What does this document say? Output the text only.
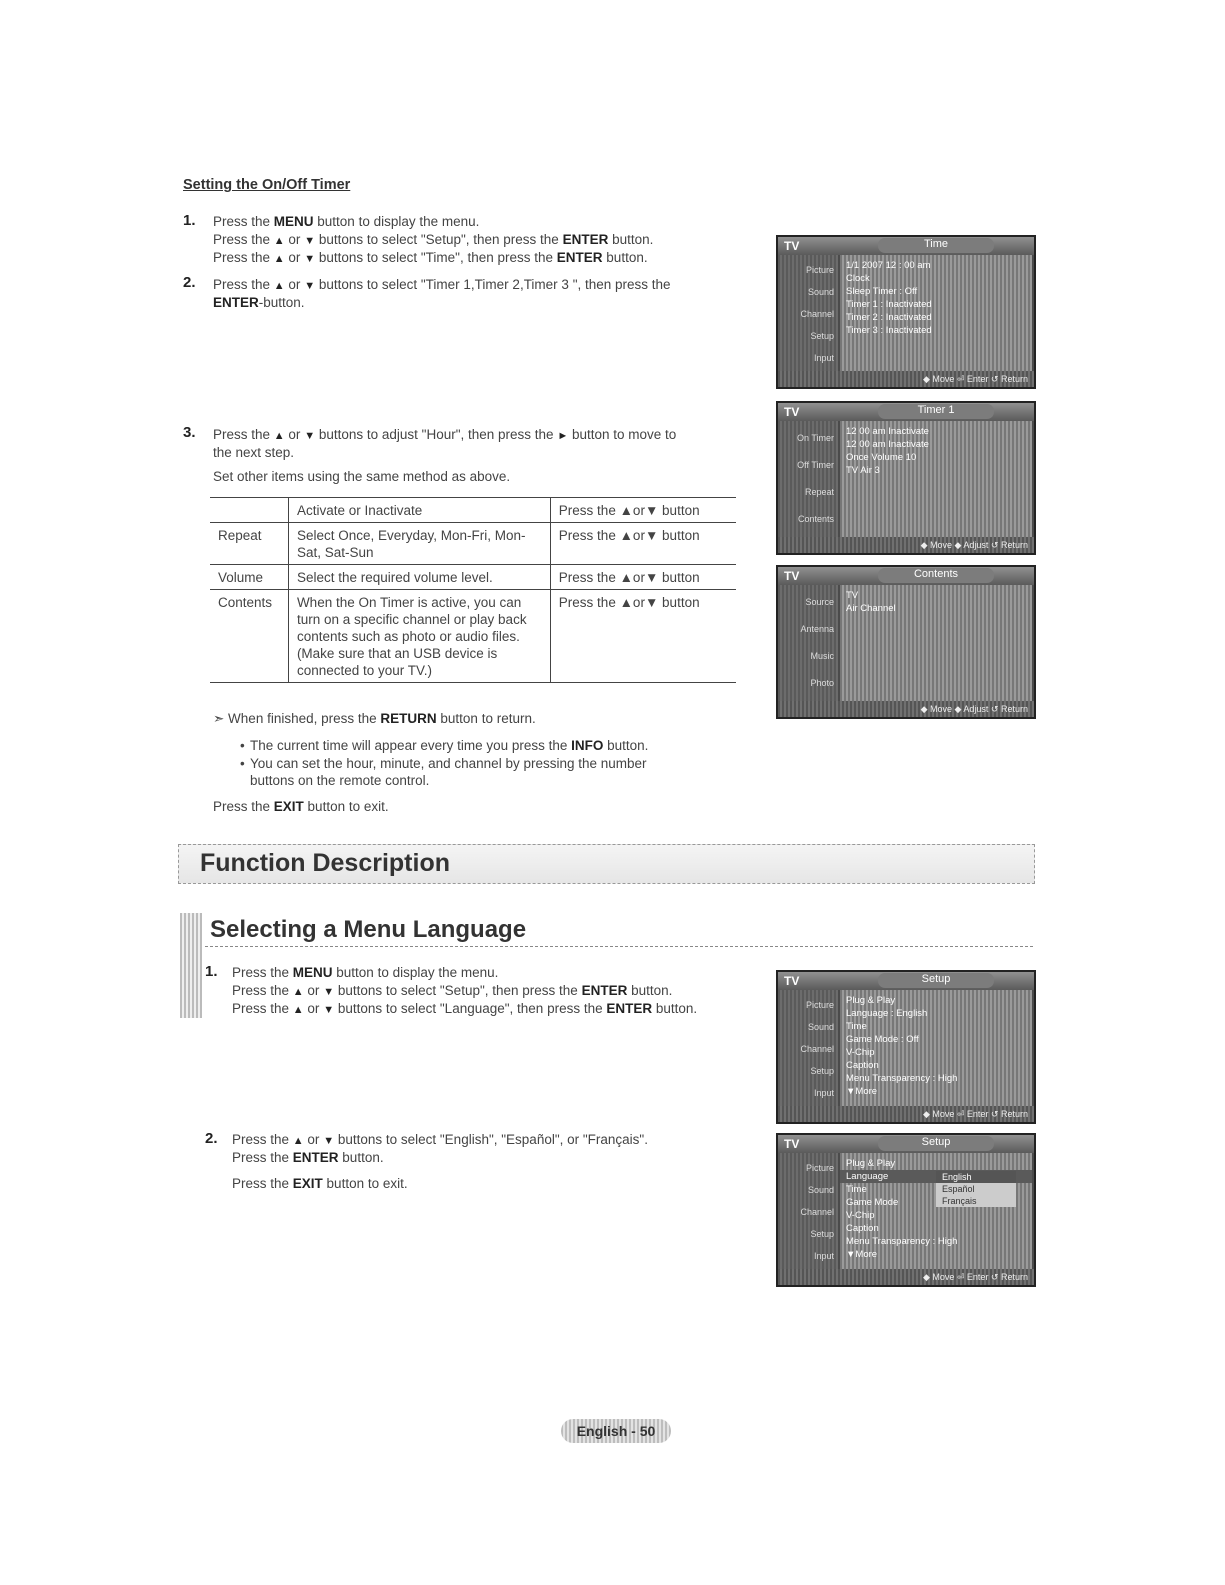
Setting the On/Off Timer
1. Press the MENU button to display the menu.
Press the ▲ or ▼ buttons to select "Setup", then press the ENTER button.
Press the ▲ or ▼ buttons to select "Time", then press the ENTER button.
2. Press the ▲ or ▼ buttons to select "Timer 1,Timer 2,Timer 3 ", then press the
ENTER-button.
3. Press the ▲ or ▼ buttons to adjust "Hour", then press the ► button to move to
the next step.
Set other items using the same method as above.
	Activate or Inactivate	Press the ▲or▼ button
Repeat	Select Once, Everyday, Mon-Fri, Mon-Sat, Sat-Sun	Press the ▲or▼ button
Volume	Select the required volume level.	Press the ▲or▼ button
Contents	When the On Timer is active, you can turn on a specific channel or play back contents such as photo or audio files. (Make sure that an USB device is connected to your TV.)	Press the ▲or▼ button
➣ When finished, press the RETURN button to return.
• The current time will appear every time you press the INFO button.
• You can set the hour, minute, and channel by pressing the number
buttons on the remote control.
Press the EXIT button to exit.
Function Description
Selecting a Menu Language
1. Press the MENU button to display the menu.
Press the ▲ or ▼ buttons to select "Setup", then press the ENTER button.
Press the ▲ or ▼ buttons to select "Language", then press the ENTER button.
2. Press the ▲ or ▼ buttons to select "English", "Español", or "Français".
Press the ENTER button.
Press the EXIT button to exit.
TV	Time
Picture
Sound
Channel
Setup
Input
1/1 2007 12 : 00 am
Clock
Sleep Timer : Off
Timer 1 : Inactivated
Timer 2 : Inactivated
Timer 3 : Inactivated
◆ Move ⏎ Enter ↺ Return
TV	Timer 1
On Timer
Off Timer
Repeat
Contents
12 00 am Inactivate
12 00 am Inactivate
Once Volume 10
TV Air 3
◆ Move ◆ Adjust ↺ Return
TV	Contents
Source
Antenna
Music
Photo
TV
Air Channel
◆ Move ◆ Adjust ↺ Return
TV	Setup
Picture
Sound
Channel
Setup
Input
Plug & Play
Language : English
Time
Game Mode : Off
V-Chip
Caption
Menu Transparency : High
▼More
◆ Move ⏎ Enter ↺ Return
TV	Setup
Picture
Sound
Channel
Setup
Input
Plug & Play
Language
Time
Game Mode
V-Chip
Caption
Menu Transparency : High
▼More
English
Español
Français
◆ Move ⏎ Enter ↺ Return
English - 50
